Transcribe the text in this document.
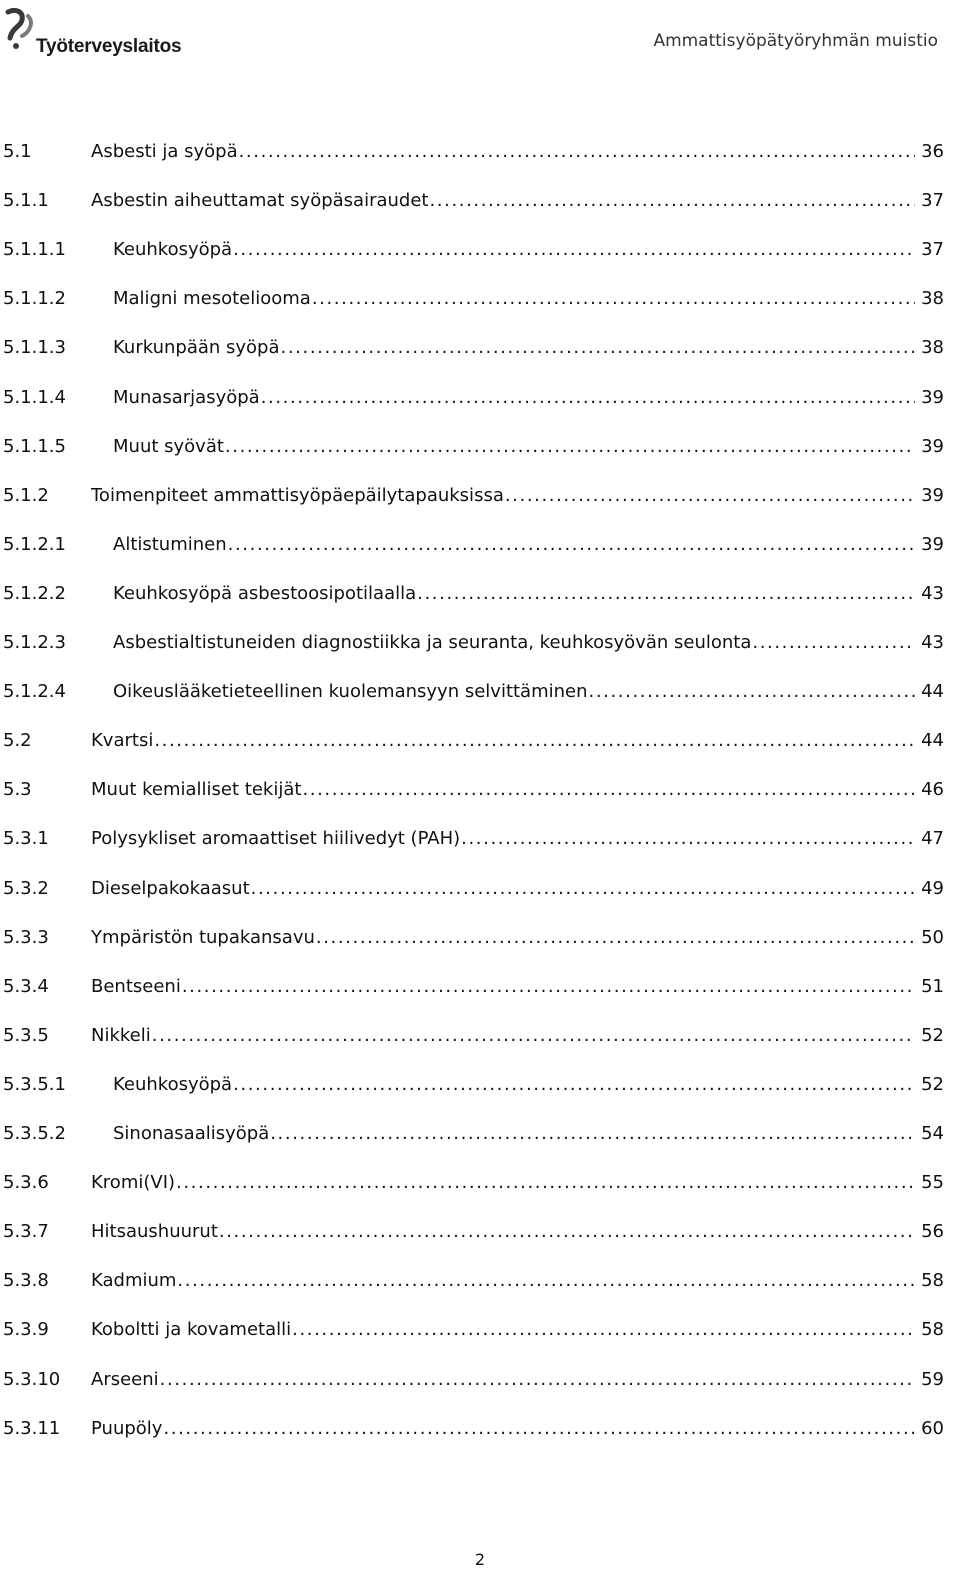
Työterveyslaitos	Ammattisyöpätyöryhmän muistio
5.1	Asbesti ja syöpä .....	36
5.1.1 Asbestin aiheuttamat syöpäsairaudet .....	37
5.1.1.1	Keuhkosyöpä .....	37
5.1.1.2	Maligni mesoteliooma .....	38
5.1.1.3	Kurkunpään syöpä .....	38
5.1.1.4	Munasarjasyöpä .....	39
5.1.1.5	Muut syövät .....	39
5.1.2 Toimenpiteet ammattisyöpäepäilytapauksissa .....	39
5.1.2.1	Altistuminen .....	39
5.1.2.2	Keuhkosyöpä asbestoosipotilaalla .....	43
5.1.2.3	Asbestialtistuneiden diagnostiikka ja seuranta, keuhkosyövän seulonta .....	43
5.1.2.4	Oikeuslääketieteellinen kuolemansyyn selvittäminen .....	44
5.2	Kvartsi .....	44
5.3	Muut kemialliset tekijät .....	46
5.3.1 Polysykliset aromaattiset hiilivedyt (PAH) .....	47
5.3.2 Dieselpakokaasut .....	49
5.3.3 Ympäristön tupakansavu .....	50
5.3.4 Bentseeni .....	51
5.3.5 Nikkeli .....	52
5.3.5.1	Keuhkosyöpä .....	52
5.3.5.2	Sinonasaalisyöpä .....	54
5.3.6 Kromi(VI) .....	55
5.3.7 Hitsaushuurut .....	56
5.3.8 Kadmium .....	58
5.3.9 Koboltti ja kovametalli .....	58
5.3.10 Arseeni .....	59
5.3.11 Puupöly .....	60
2
